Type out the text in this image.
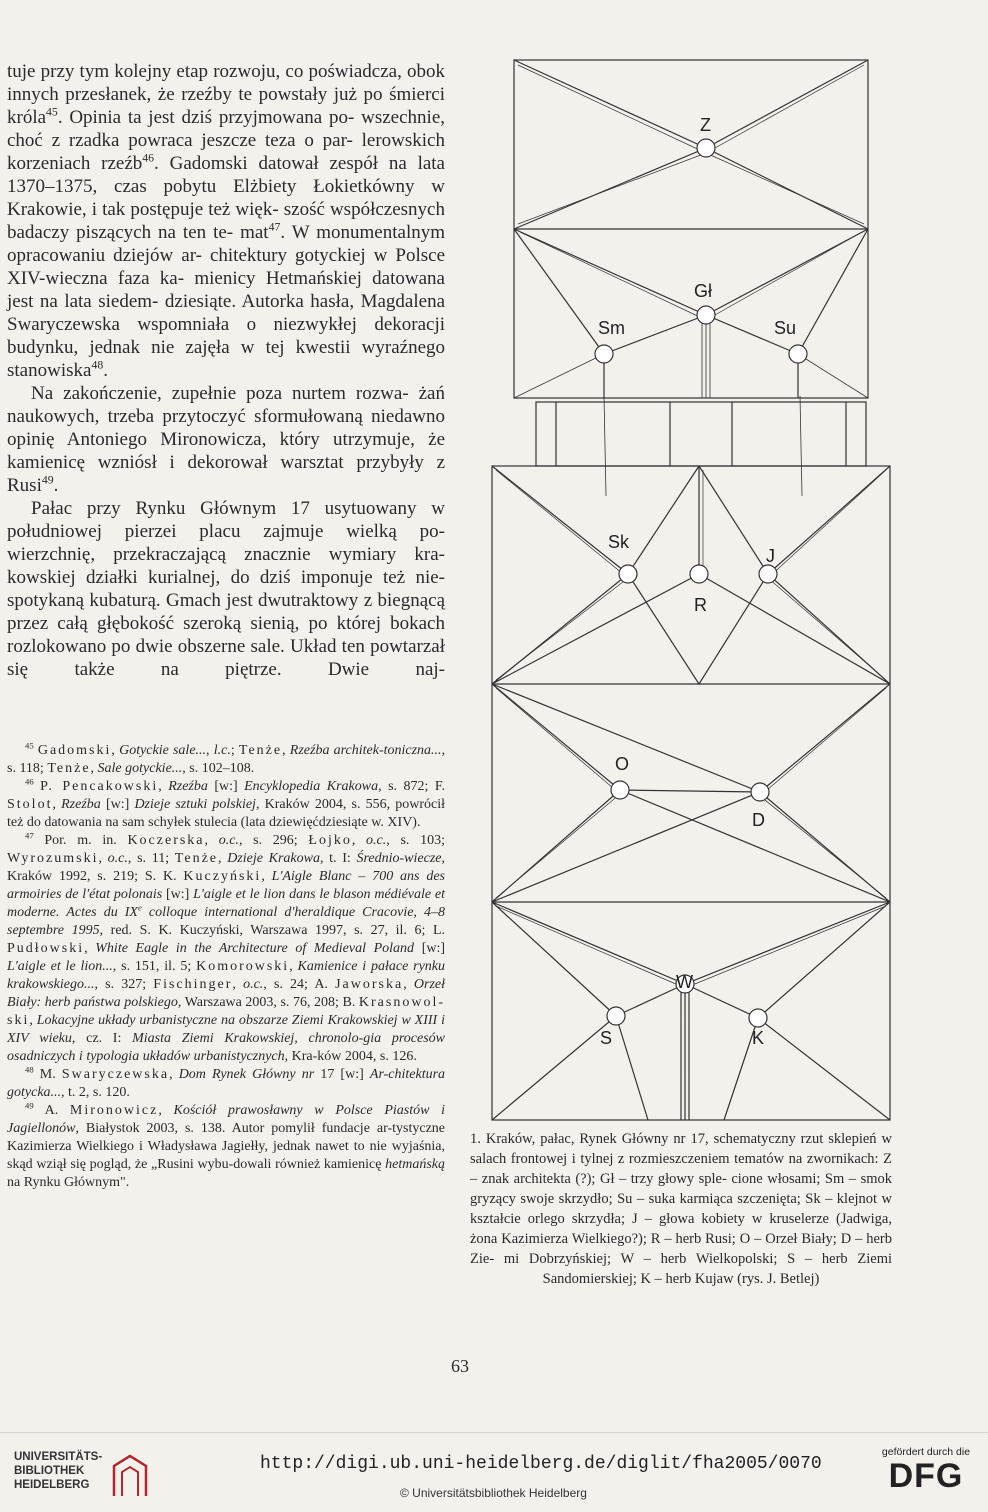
tuje przy tym kolejny etap rozwoju, co poświadcza, obok innych przesłanek, że rzeźby te powstały już po śmierci króla$^{45}$. Opinia ta jest dziś przyjmowana po- wszechnie, choć z rzadka powraca jeszcze teza o par- lerowskich korzeniach rzeźb$^{46}$. Gadomski datował zespół na lata 1370–1375, czas pobytu Elżbiety Łokietkówny w Krakowie, i tak postępuje też więk- szość współczesnych badaczy piszących na ten te- mat$^{47}$. W monumentalnym opracowaniu dziejów ar- chitektury gotyckiej w Polsce XIV-wieczna faza ka- mienicy Hetmańskiej datowana jest na lata siedem- dziesiąte. Autorka hasła, Magdalena Swaryczewska wspomniała o niezwykłej dekoracji budynku, jednak nie zajęła w tej kwestii wyraźnego stanowiska$^{48}$.

Na zakończenie, zupełnie poza nurtem rozwa- żań naukowych, trzeba przytoczyć sformułowaną niedawno opinię Antoniego Mironowicza, który utrzymuje, że kamienicę wzniósł i dekorował warsztat przybyły z Rusi$^{49}$.

Pałac przy Rynku Głównym 17 usytuowany w południowej pierzei placu zajmuje wielką po- wierzchnię, przekraczającą znacznie wymiary kra- kowskiej działki kurialnej, do dziś imponuje też nie- spotykaną kubaturą. Gmach jest dwutraktowy z biegnącą przez całą głębokość szeroką sienią, po której bokach rozlokowano po dwie obszerne sale. Układ ten powtarzał się także na piętrze. Dwie naj-

$^{45}$ Gadomski, Gotyckie sale..., l.c.; Tenże, Rzeźba architek-toniczna..., s. 118; Tenże, Sale gotyckie..., s. 102–108.

$^{46}$ P. Pencakowski, Rzeźba [w:] Encyklopedia Krakowa, s. 872; F. Stolot, Rzeźba [w:] Dzieje sztuki polskiej, Kraków 2004, s. 556, powrócił też do datowania na sam schyłek stulecia (lata dziewięćdziesiąte w. XIV).

$^{47}$ Por. m. in. Koczerska, o.c., s. 296; Łojko, o.c., s. 103; Wyrozumski, o.c., s. 11; Tenże, Dzieje Krakowa, t. I: Średnio-wiecze, Kraków 1992, s. 219; S. K. Kuczyński, L'Aigle Blanc – 700 ans des armoiries de l'état polonais [w:] L'aigle et le lion dans le blason médiévale et moderne. Actes du IXe colloque international d'heraldique Cracovie, 4–8 septembre 1995, red. S. K. Kuczyński, Warszawa 1997, s. 27, il. 6; L. Pudłowski, White Eagle in the Architecture of Medieval Poland [w:] L'aigle et le lion..., s. 151, il. 5; Komorowski, Kamienice i pałace rynku krakowskiego..., s. 327; Fischinger, o.c., s. 24; A. Jaworska, Orzeł Biały: herb państwa polskiego, Warszawa 2003, s. 76, 208; B. Krasnowol-ski, Lokacyjne układy urbanistyczne na obszarze Ziemi Krakowskiej w XIII i XIV wieku, cz. I: Miasta Ziemi Krakowskiej, chronolo-gia procesów osadniczych i typologia układów urbanistycznych, Kra-ków 2004, s. 126.

$^{48}$ M. Swaryczewska, Dom Rynek Główny nr 17 [w:] Ar-chitektura gotycka..., t. 2, s. 120.

$^{49}$ A. Mironowicz, Kościół prawosławny w Polsce Piastów i Jagiellonów, Białystok 2003, s. 138. Autor pomylił fundacje ar-tystyczne Kazimierza Wielkiego i Władysława Jagiełły, jednak nawet to nie wyjaśnia, skąd wziął się pogląd, że „Rusini wybu-dowali również kamienicę hetmańską na Rynku Głównym".

Z
Gł
Sm	Su
Sk
J
R
O
D
W
S	K

1. Kraków, pałac, Rynek Główny nr 17, schematyczny rzut sklepień w salach frontowej i tylnej z rozmieszczeniem tematów na zwornikach: Z – znak architekta (?); Gł – trzy głowy sple- cione włosami; Sm – smok gryzący swoje skrzydło; Su – suka karmiąca szczenięta; Sk – klejnot w kształcie orlego skrzydła; J – głowa kobiety w kruselerze (Jadwiga, żona Kazimierza Wielkiego?); R – herb Rusi; O – Orzeł Biały; D – herb Zie- mi Dobrzyńskiej; W – herb Wielkopolski; S – herb Ziemi Sandomierskiej; K – herb Kujaw (rys. J. Betlej)

63
UNIVERSITÄTS-
BIBLIOTHEK
HEIDELBERG
http://digi.ub.uni-heidelberg.de/diglit/fha2005/0070
© Universitätsbibliothek Heidelberg
gefördert durch die
DFG
